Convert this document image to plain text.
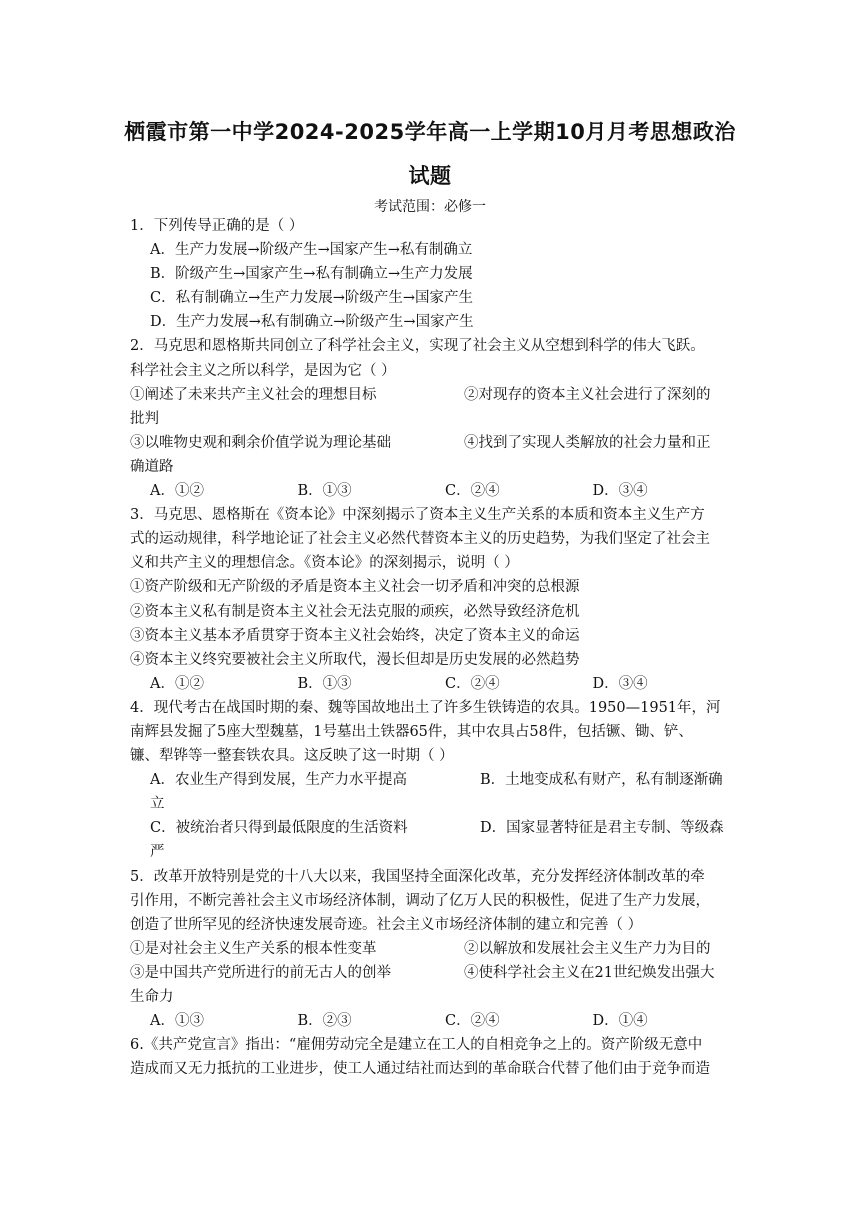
栖霞市第一中学2024-2025学年高一上学期10月月考思想政治
试题
考试范围：必修一
1．下列传导正确的是（ ）
A．生产力发展→阶级产生→国家产生→私有制确立
B．阶级产生→国家产生→私有制确立→生产力发展
C．私有制确立→生产力发展→阶级产生→国家产生
D．生产力发展→私有制确立→阶级产生→国家产生
2．马克思和恩格斯共同创立了科学社会主义，实现了社会主义从空想到科学的伟大飞跃。
科学社会主义之所以科学，是因为它（ ）
①阐述了未来共产主义社会的理想目标	②对现存的资本主义社会进行了深刻的
批判
③以唯物史观和剩余价值学说为理论基础	④找到了实现人类解放的社会力量和正
确道路
A．①②	B．①③	C．②④	D．③④
3．马克思、恩格斯在《资本论》中深刻揭示了资本主义生产关系的本质和资本主义生产方
式的运动规律，科学地论证了社会主义必然代替资本主义的历史趋势，为我们坚定了社会主
义和共产主义的理想信念。《资本论》的深刻揭示，说明（ ）
①资产阶级和无产阶级的矛盾是资本主义社会一切矛盾和冲突的总根源
②资本主义私有制是资本主义社会无法克服的顽疾，必然导致经济危机
③资本主义基本矛盾贯穿于资本主义社会始终，决定了资本主义的命运
④资本主义终究要被社会主义所取代，漫长但却是历史发展的必然趋势
A．①②	B．①③	C．②④	D．③④
4．现代考古在战国时期的秦、魏等国故地出土了许多生铁铸造的农具。1950—1951年，河
南辉县发掘了5座大型魏墓，1号墓出土铁器65件，其中农具占58件，包括镢、锄、铲、
镰、犁铧等一整套铁农具。这反映了这一时期（ ）
A．农业生产得到发展，生产力水平提高	B．土地变成私有财产，私有制逐渐确
立
C．被统治者只得到最低限度的生活资料	D．国家显著特征是君主专制、等级森
严
5．改革开放特别是党的十八大以来，我国坚持全面深化改革，充分发挥经济体制改革的牵
引作用，不断完善社会主义市场经济体制，调动了亿万人民的积极性，促进了生产力发展，
创造了世所罕见的经济快速发展奇迹。社会主义市场经济体制的建立和完善（ ）
①是对社会主义生产关系的根本性变革	②以解放和发展社会主义生产力为目的
③是中国共产党所进行的前无古人的创举	④使科学社会主义在21世纪焕发出强大
生命力
A．①③	B．②③	C．②④	D．①④
6.《共产党宣言》指出：“雇佣劳动完全是建立在工人的自相竞争之上的。资产阶级无意中
造成而又无力抵抗的工业进步，使工人通过结社而达到的革命联合代替了他们由于竞争而造
